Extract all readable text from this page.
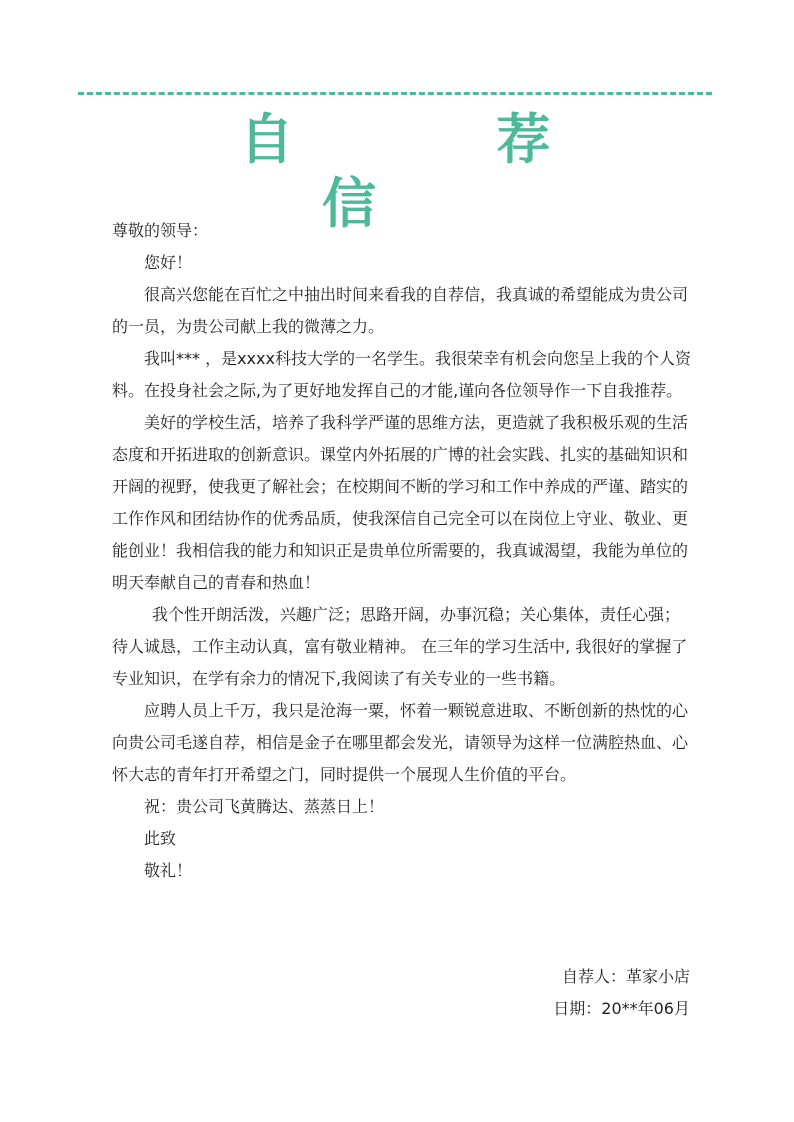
自 荐 信

尊敬的领导：

您好！

很高兴您能在百忙之中抽出时间来看我的自荐信，我真诚的希望能成为贵公司的一员，为贵公司献上我的微薄之力。

我叫*** ，是xxxx科技大学的一名学生。我很荣幸有机会向您呈上我的个人资料。在投身社会之际,为了更好地发挥自己的才能,谨向各位领导作一下自我推荐。

美好的学校生活，培养了我科学严谨的思维方法，更造就了我积极乐观的生活态度和开拓进取的创新意识。课堂内外拓展的广博的社会实践、扎实的基础知识和开阔的视野，使我更了解社会；在校期间不断的学习和工作中养成的严谨、踏实的工作作风和团结协作的优秀品质，使我深信自己完全可以在岗位上守业、敬业、更能创业！我相信我的能力和知识正是贵单位所需要的，我真诚渴望，我能为单位的明天奉献自己的青春和热血！

我个性开朗活泼，兴趣广泛；思路开阔，办事沉稳；关心集体，责任心强；待人诚恳，工作主动认真，富有敬业精神。 在三年的学习生活中, 我很好的掌握了专业知识，在学有余力的情况下,我阅读了有关专业的一些书籍。

应聘人员上千万，我只是沧海一粟，怀着一颗锐意进取、不断创新的热忱的心向贵公司毛遂自荐，相信是金子在哪里都会发光，请领导为这样一位满腔热血、心怀大志的青年打开希望之门，同时提供一个展现人生价值的平台。

祝：贵公司飞黄腾达、蒸蒸日上！

此致

敬礼！

自荐人：革家小店

日期：20**年06月
